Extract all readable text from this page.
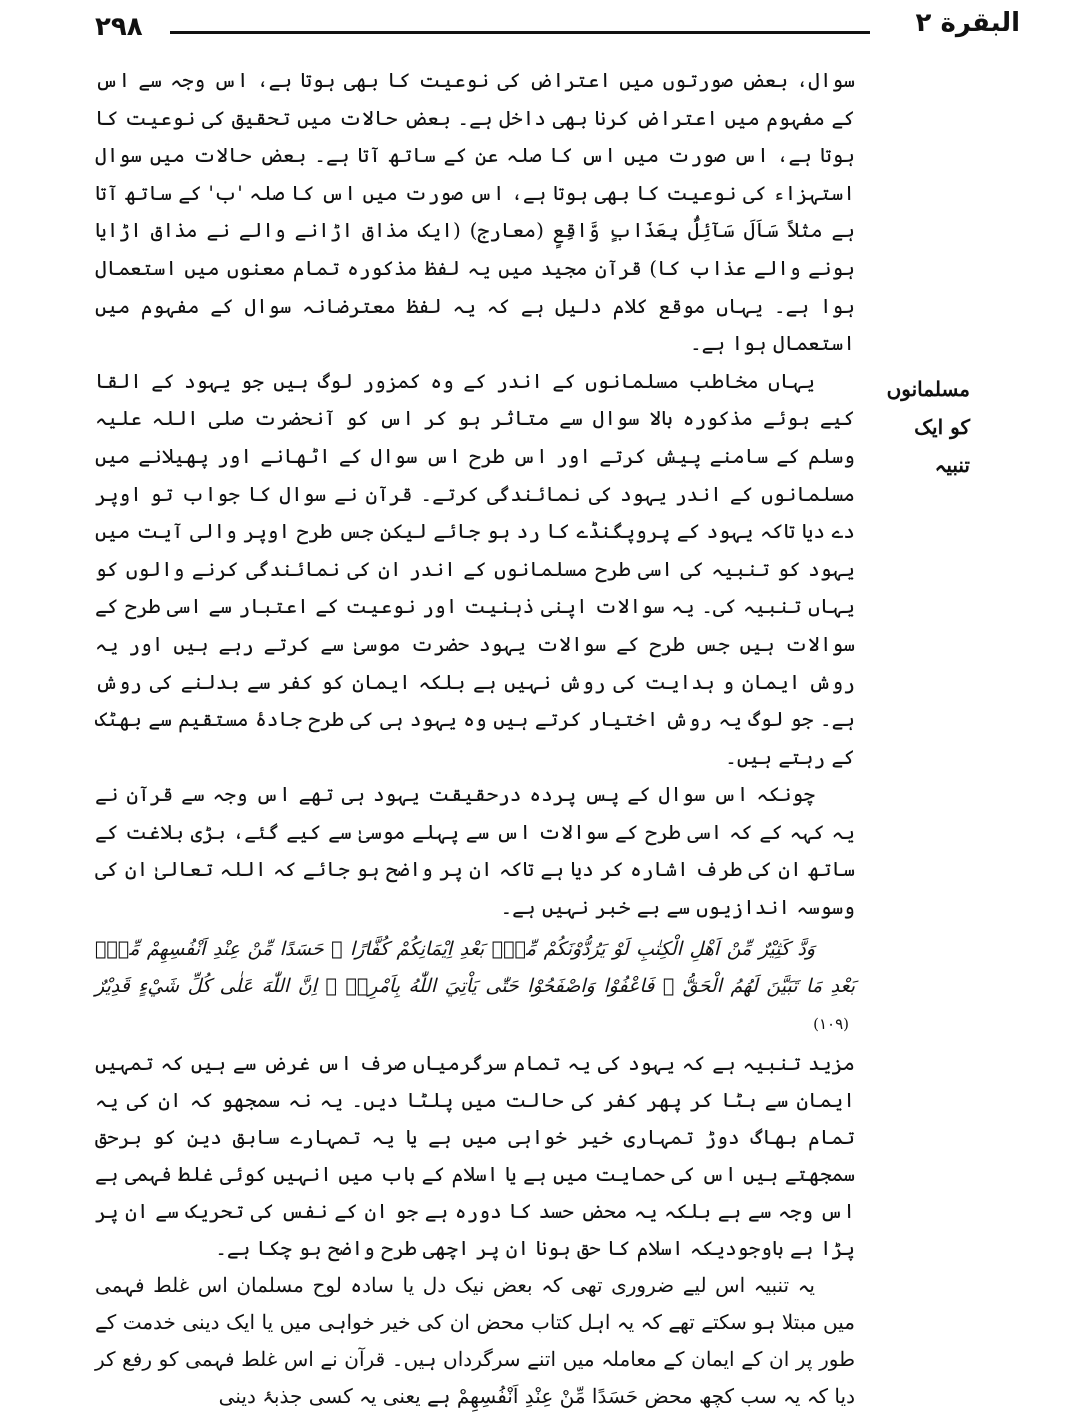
۲۹۸	البقرة ۲
مسلمانوں کو ایک تنبیہ

سوال، بعض صورتوں میں اعتراض کی نوعیت کا بھی ہوتا ہے، اس وجہ سے اس کے مفہوم میں اعتراض کرنا بھی داخل ہے۔ بعض حالات میں تحقیق کی نوعیت کا ہوتا ہے، اس صورت میں اس کا صلہ عن کے ساتھ آتا ہے۔ بعض حالات میں سوال استہزاء کی نوعیت کا بھی ہوتا ہے، اس صورت میں اس کا صلہ 'ب' کے ساتھ آتا ہے مثلاً سَاَلَ سَآئِلٌۢ بِعَذَابٍ وَّاقِعٍ (معارج) (ایک مذاق اڑانے والے نے مذاق اڑایا ہونے والے عذاب کا) قرآن مجید میں یہ لفظ مذکورہ تمام معنوں میں استعمال ہوا ہے۔ یہاں موقع کلام دلیل ہے کہ یہ لفظ معترضانہ سوال کے مفہوم میں استعمال ہوا ہے۔

یہاں مخاطب مسلمانوں کے اندر کے وہ کمزور لوگ ہیں جو یہود کے القا کیے ہوئے مذکورہ بالا سوال سے متاثر ہو کر اس کو آنحضرت صلی اللہ علیہ وسلم کے سامنے پیش کرتے اور اس طرح اس سوال کے اٹھانے اور پھیلانے میں مسلمانوں کے اندر یہود کی نمائندگی کرتے۔ قرآن نے سوال کا جواب تو اوپر دے دیا تاکہ یہود کے پروپگنڈے کا رد ہو جائے لیکن جس طرح اوپر والی آیت میں یہود کو تنبیہ کی اسی طرح مسلمانوں کے اندر ان کی نمائندگی کرنے والوں کو یہاں تنبیہ کی۔ یہ سوالات اپنی ذہنیت اور نوعیت کے اعتبار سے اسی طرح کے سوالات ہیں جس طرح کے سوالات یہود حضرت موسیٰ سے کرتے رہے ہیں اور یہ روش ایمان و ہدایت کی روش نہیں ہے بلکہ ایمان کو کفر سے بدلنے کی روش ہے۔ جو لوگ یہ روش اختیار کرتے ہیں وہ یہود ہی کی طرح جادۂ مستقیم سے بھٹک کے رہتے ہیں۔

چونکہ اس سوال کے پس پردہ درحقیقت یہود ہی تھے اس وجہ سے قرآن نے یہ کہہ کے کہ اسی طرح کے سوالات اس سے پہلے موسیٰ سے کیے گئے، بڑی بلاغت کے ساتھ ان کی طرف اشارہ کر دیا ہے تاکہ ان پر واضح ہو جائے کہ اللہ تعالیٰ ان کی وسوسہ اندازیوں سے بے خبر نہیں ہے۔

وَدَّ كَثِيْرٌ مِّنْ اَهْلِ الْكِتٰبِ لَوْ يَرُدُّوْنَكُمْ مِّنْۢ بَعْدِ اِيْمَانِكُمْ كُفَّارًا ۚ حَسَدًا مِّنْ عِنْدِ اَنْفُسِهِمْ مِّنْۢ بَعْدِ مَا تَبَيَّنَ لَهُمُ الْحَقُّ ۚ فَاعْفُوْا وَاصْفَحُوْا حَتّٰى يَاْتِيَ اللّٰهُ بِاَمْرِهٖ ۭ اِنَّ اللّٰهَ عَلٰى كُلِّ شَيْءٍ قَدِيْرٌ (۱۰۹)

مزید تنبیہ ہے کہ یہود کی یہ تمام سرگرمیاں صرف اس غرض سے ہیں کہ تمہیں ایمان سے ہٹا کر پھر کفر کی حالت میں پلٹا دیں۔ یہ نہ سمجھو کہ ان کی یہ تمام بھاگ دوڑ تمہاری خیر خواہی میں ہے یا یہ تمہارے سابق دین کو برحق سمجھتے ہیں اس کی حمایت میں ہے یا اسلام کے باب میں انہیں کوئی غلط فہمی ہے اس وجہ سے ہے بلکہ یہ محض حسد کا دورہ ہے جو ان کے نفس کی تحریک سے ان پر پڑا ہے باوجودیکہ اسلام کا حق ہونا ان پر اچھی طرح واضح ہو چکا ہے۔

یہ تنبیہ اس لیے ضروری تھی کہ بعض نیک دل یا سادہ لوح مسلمان اس غلط فہمی میں مبتلا ہو سکتے تھے کہ یہ اہل کتاب محض ان کی خیر خواہی میں یا ایک دینی خدمت کے طور پر ان کے ایمان کے معاملہ میں اتنے سرگرداں ہیں۔ قرآن نے اس غلط فہمی کو رفع کر دیا کہ یہ سب کچھ محض حَسَدًا مِّنْ عِنْدِ اَنْفُسِهِمْ ہے یعنی یہ کسی جذبۂ دینی
